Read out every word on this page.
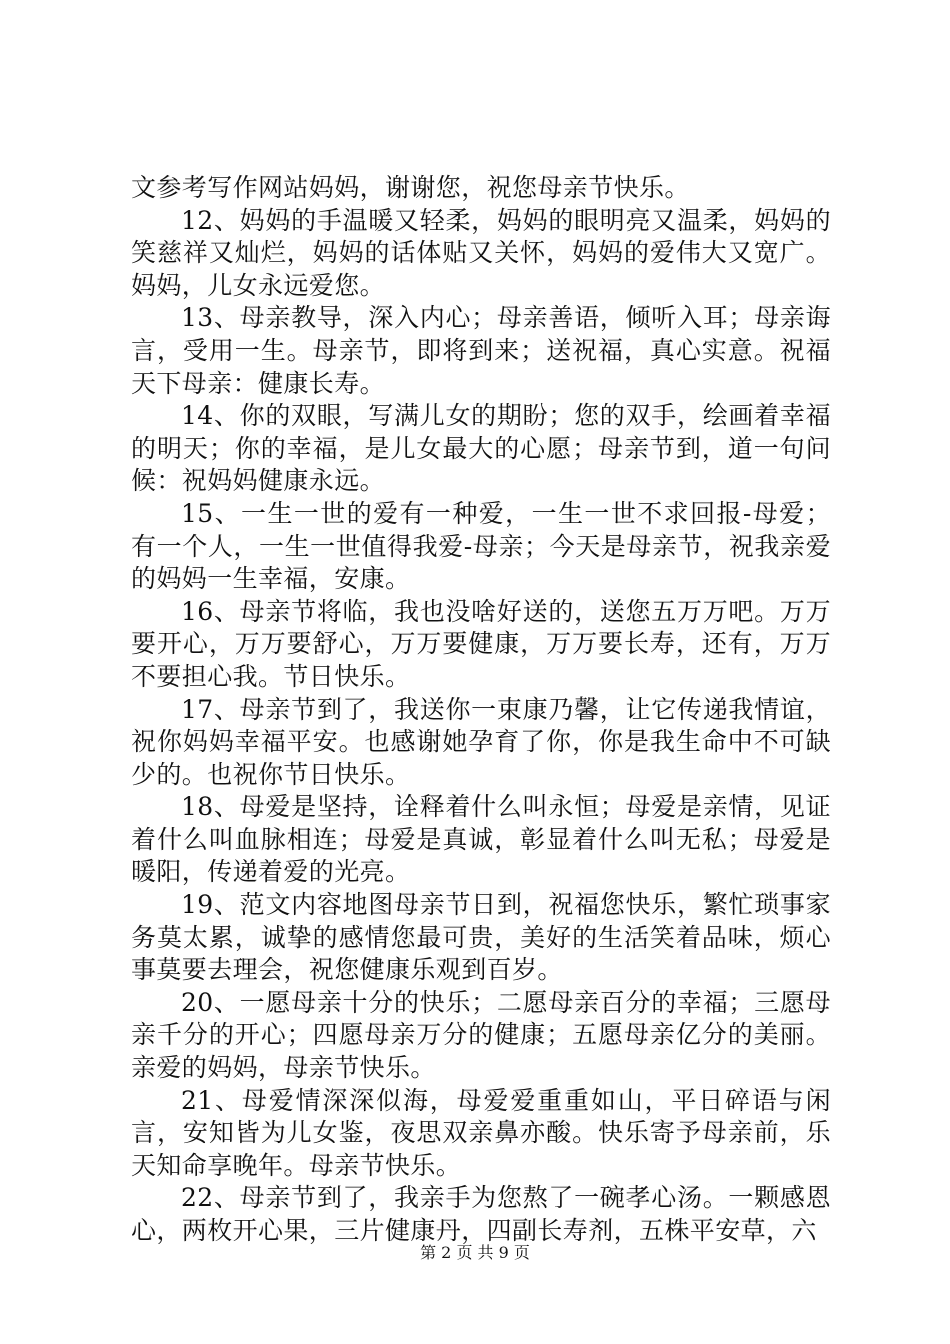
文参考写作网站妈妈，谢谢您，祝您母亲节快乐。

12、妈妈的手温暖又轻柔，妈妈的眼明亮又温柔，妈妈的笑慈祥又灿烂，妈妈的话体贴又关怀，妈妈的爱伟大又宽广。妈妈，儿女永远爱您。

13、母亲教导，深入内心；母亲善语，倾听入耳；母亲诲言，受用一生。母亲节，即将到来；送祝福，真心实意。祝福天下母亲：健康长寿。

14、你的双眼，写满儿女的期盼；您的双手，绘画着幸福的明天；你的幸福，是儿女最大的心愿；母亲节到，道一句问候：祝妈妈健康永远。

15、一生一世的爱有一种爱，一生一世不求回报-母爱；有一个人，一生一世值得我爱-母亲；今天是母亲节，祝我亲爱的妈妈一生幸福，安康。

16、母亲节将临，我也没啥好送的，送您五万万吧。万万要开心，万万要舒心，万万要健康，万万要长寿，还有，万万不要担心我。节日快乐。

17、母亲节到了，我送你一束康乃馨，让它传递我情谊，祝你妈妈幸福平安。也感谢她孕育了你，你是我生命中不可缺少的。也祝你节日快乐。

18、母爱是坚持，诠释着什么叫永恒；母爱是亲情，见证着什么叫血脉相连；母爱是真诚，彰显着什么叫无私；母爱是暖阳，传递着爱的光亮。

19、范文内容地图母亲节日到，祝福您快乐，繁忙琐事家务莫太累，诚挚的感情您最可贵，美好的生活笑着品味，烦心事莫要去理会，祝您健康乐观到百岁。

20、一愿母亲十分的快乐；二愿母亲百分的幸福；三愿母亲千分的开心；四愿母亲万分的健康；五愿母亲亿分的美丽。亲爱的妈妈，母亲节快乐。

21、母爱情深深似海，母爱爱重重如山，平日碎语与闲言，安知皆为儿女鉴，夜思双亲鼻亦酸。快乐寄予母亲前，乐天知命享晚年。母亲节快乐。

22、母亲节到了，我亲手为您熬了一碗孝心汤。一颗感恩心，两枚开心果，三片健康丹，四副长寿剂，五株平安草，六

第 2 页 共 9 页
